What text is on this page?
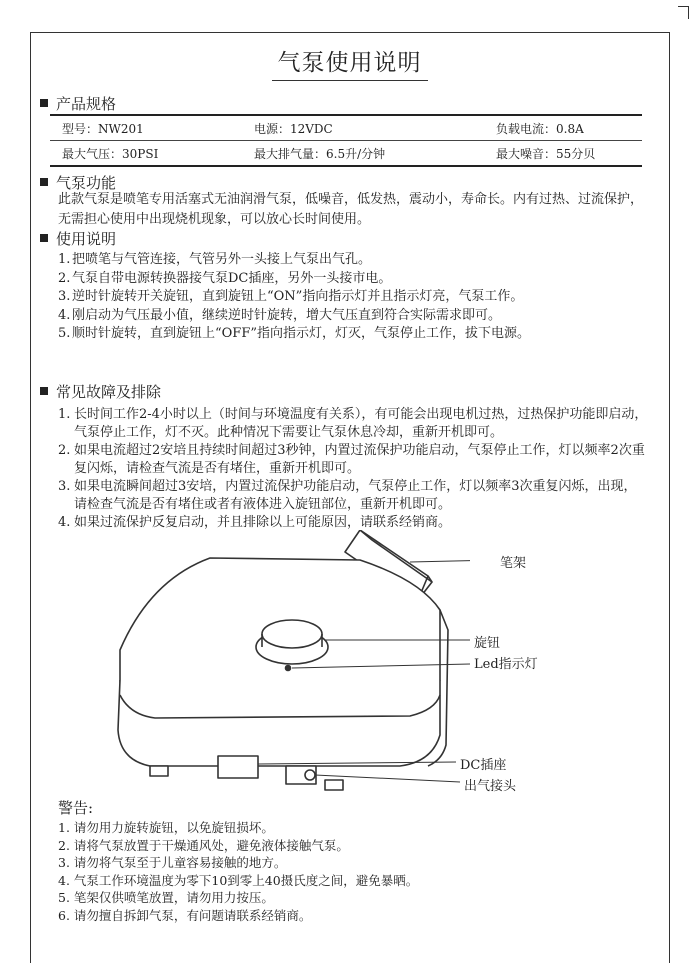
气泵使用说明
产品规格
型号：NW201	电源：12VDC	负载电流：0.8A
最大气压：30PSI	最大排气量：6.5升/分钟	最大噪音：55分贝
气泵功能
此款气泵是喷笔专用活塞式无油润滑气泵，低噪音，低发热，震动小，寿命长。内有过热、过流保护，无需担心使用中出现烧机现象，可以放心长时间使用。
使用说明
1. 把喷笔与气管连接，气管另外一头接上气泵出气孔。
2. 气泵自带电源转换器接气泵DC插座，另外一头接市电。
3. 逆时针旋转开关旋钮，直到旋钮上“ON”指向指示灯并且指示灯亮，气泵工作。
4. 刚启动为气压最小值，继续逆时针旋转，增大气压直到符合实际需求即可。
5. 顺时针旋转，直到旋钮上“OFF”指向指示灯，灯灭，气泵停止工作，拔下电源。
常见故障及排除
1. 长时间工作2-4小时以上（时间与环境温度有关系），有可能会出现电机过热，过热保护功能即启动，气泵停止工作，灯不灭。此种情况下需要让气泵休息冷却，重新开机即可。
2. 如果电流超过2安培且持续时间超过3秒钟，内置过流保护功能启动，气泵停止工作，灯以频率2次重复闪烁，请检查气流是否有堵住，重新开机即可。
3. 如果电流瞬间超过3安培，内置过流保护功能启动，气泵停止工作，灯以频率3次重复闪烁，出现，请检查气流是否有堵住或者有液体进入旋钮部位，重新开机即可。
4. 如果过流保护反复启动，并且排除以上可能原因，请联系经销商。
笔架
旋钮
Led指示灯
DC插座
出气接头
警告:
1. 请勿用力旋转旋钮，以免旋钮损坏。
2. 请将气泵放置于干燥通风处，避免液体接触气泵。
3. 请勿将气泵至于儿童容易接触的地方。
4. 气泵工作环境温度为零下10到零上40摄氏度之间，避免暴晒。
5. 笔架仅供喷笔放置，请勿用力按压。
6. 请勿擅自拆卸气泵，有问题请联系经销商。
